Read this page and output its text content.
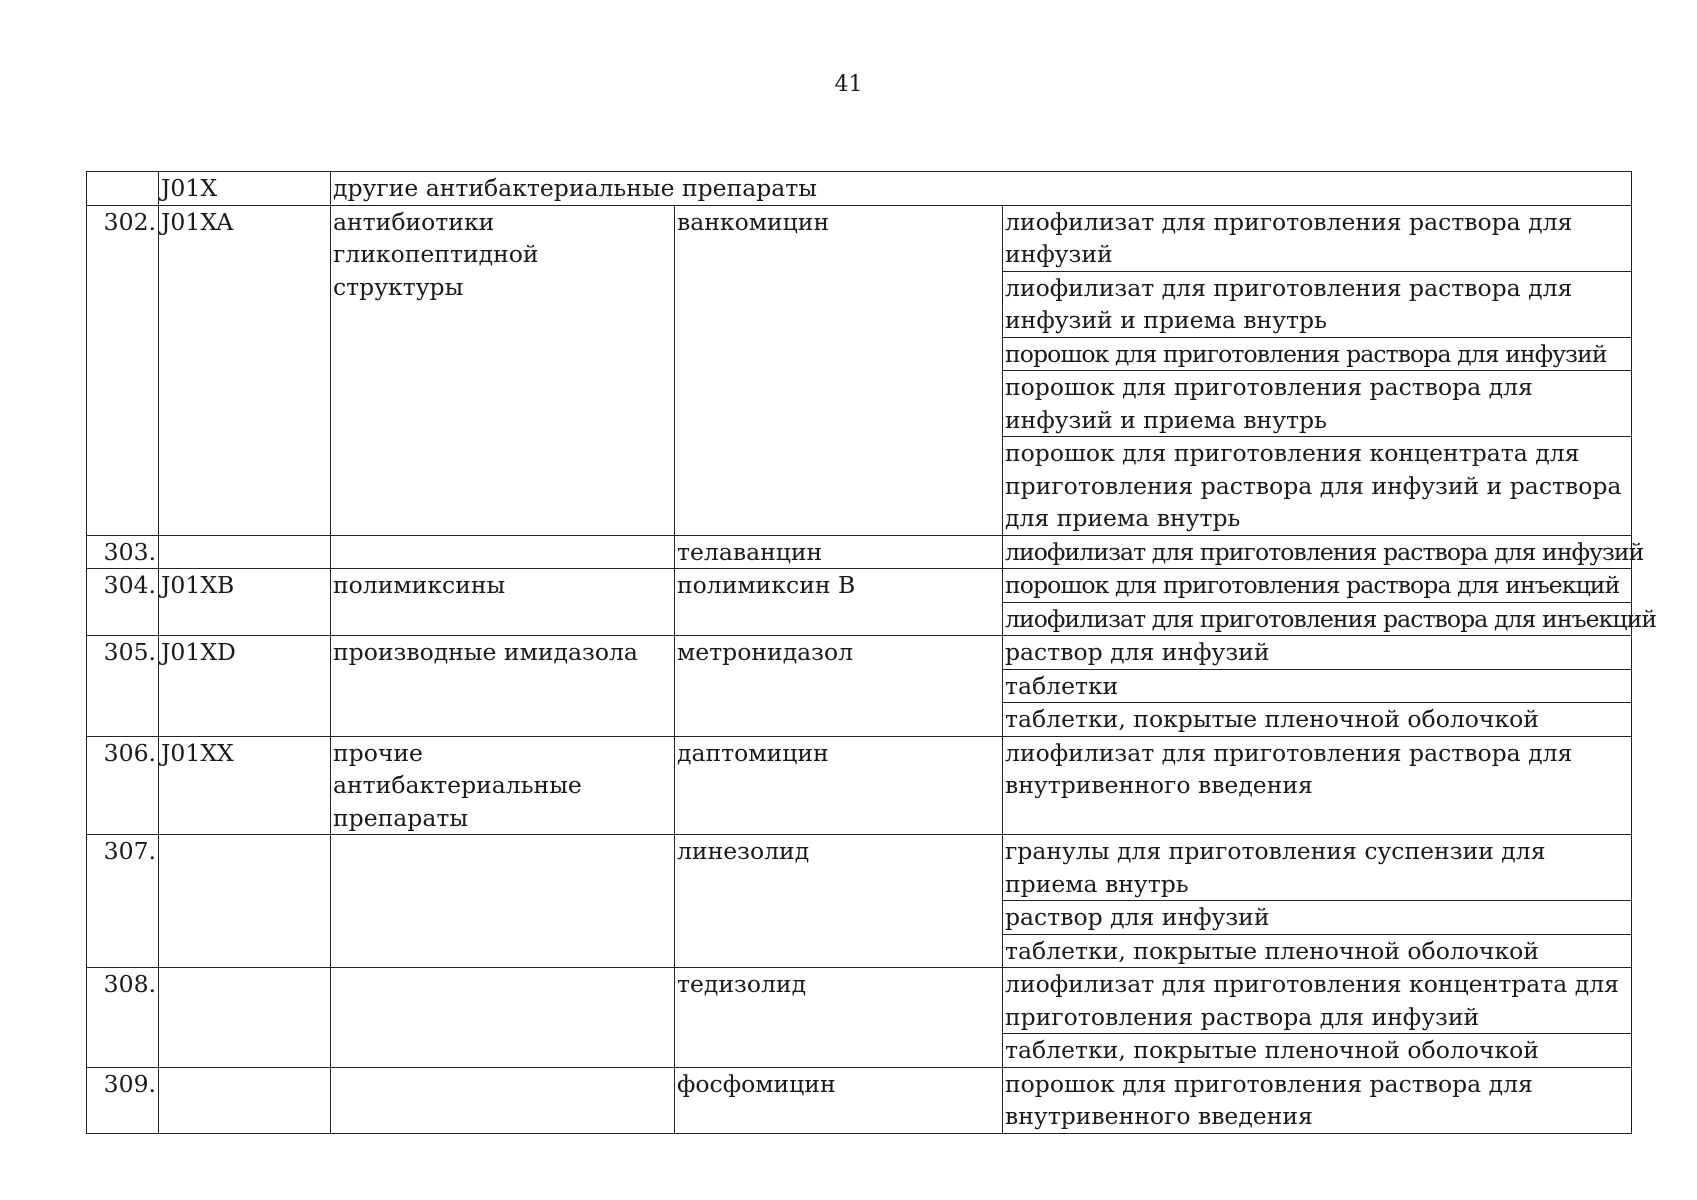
41
	J01X	другие антибактериальные препараты		
302.	J01XA	антибиотики гликопептидной структуры	ванкомицин	лиофилизат для приготовления раствора для инфузий
				лиофилизат для приготовления раствора для инфузий и приема внутрь
				порошок для приготовления раствора для инфузий
				порошок для приготовления раствора для инфузий и приема внутрь
				порошок для приготовления концентрата для приготовления раствора для инфузий и раствора для приема внутрь
303.			телаванцин	лиофилизат для приготовления раствора для инфузий
304.	J01XB	полимиксины	полимиксин В	порошок для приготовления раствора для инъекций
				лиофилизат для приготовления раствора для инъекций
305.	J01XD	производные имидазола	метронидазол	раствор для инфузий
				таблетки
				таблетки, покрытые пленочной оболочкой
306.	J01XX	прочие антибактериальные препараты	даптомицин	лиофилизат для приготовления раствора для внутривенного введения
307.			линезолид	гранулы для приготовления суспензии для приема внутрь
				раствор для инфузий
				таблетки, покрытые пленочной оболочкой
308.			тедизолид	лиофилизат для приготовления концентрата для приготовления раствора для инфузий
				таблетки, покрытые пленочной оболочкой
309.			фосфомицин	порошок для приготовления раствора для внутривенного введения
